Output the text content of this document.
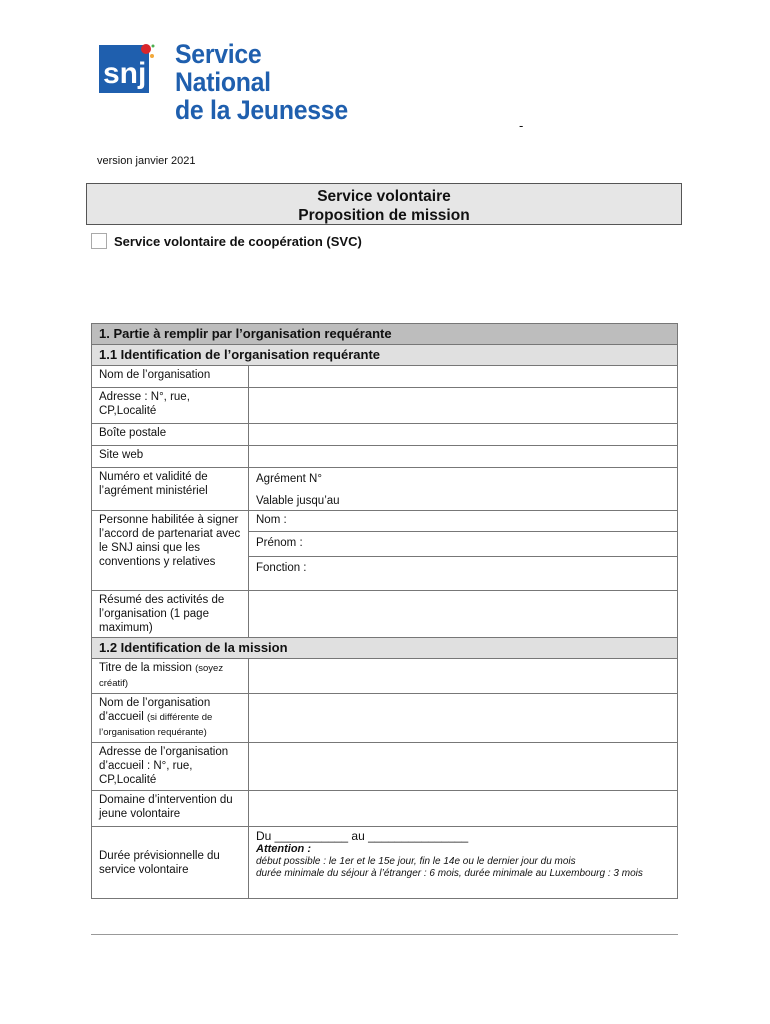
snj
Service National
de la Jeunesse
-
version janvier 2021
Service volontaire
Proposition de mission
Service volontaire de coopération (SVC)
1. Partie à remplir par l’organisation requérante	
1.1 Identification de l’organisation requérante	
Nom de l’organisation	
Adresse : N°, rue, CP,Localité	
Boîte postale	
Site web	
Numéro et validité de l’agrément ministériel	Agrément N°
Valable jusqu’au

Personne habilitée à signer l’accord de partenariat avec le SNJ ainsi que les conventions y relatives	Nom :
Prénom :
Fonction :

Résumé des activités de l’organisation (1 page maximum)	
1.2 Identification de la mission	
Titre de la mission (soyez créatif)	
Nom de l’organisation d’accueil (si différente de l’organisation requérante)	
Adresse de l’organisation d’accueil : N°, rue, CP,Localité	
Domaine d’intervention du jeune volontaire	
Durée prévisionnelle du service volontaire	Du ___________ au _______________
Attention :
début possible : le 1er et le 15e jour, fin le 14e ou le dernier jour du mois
durée minimale du séjour à l’étranger : 6 mois, durée minimale au Luxembourg : 3 mois
